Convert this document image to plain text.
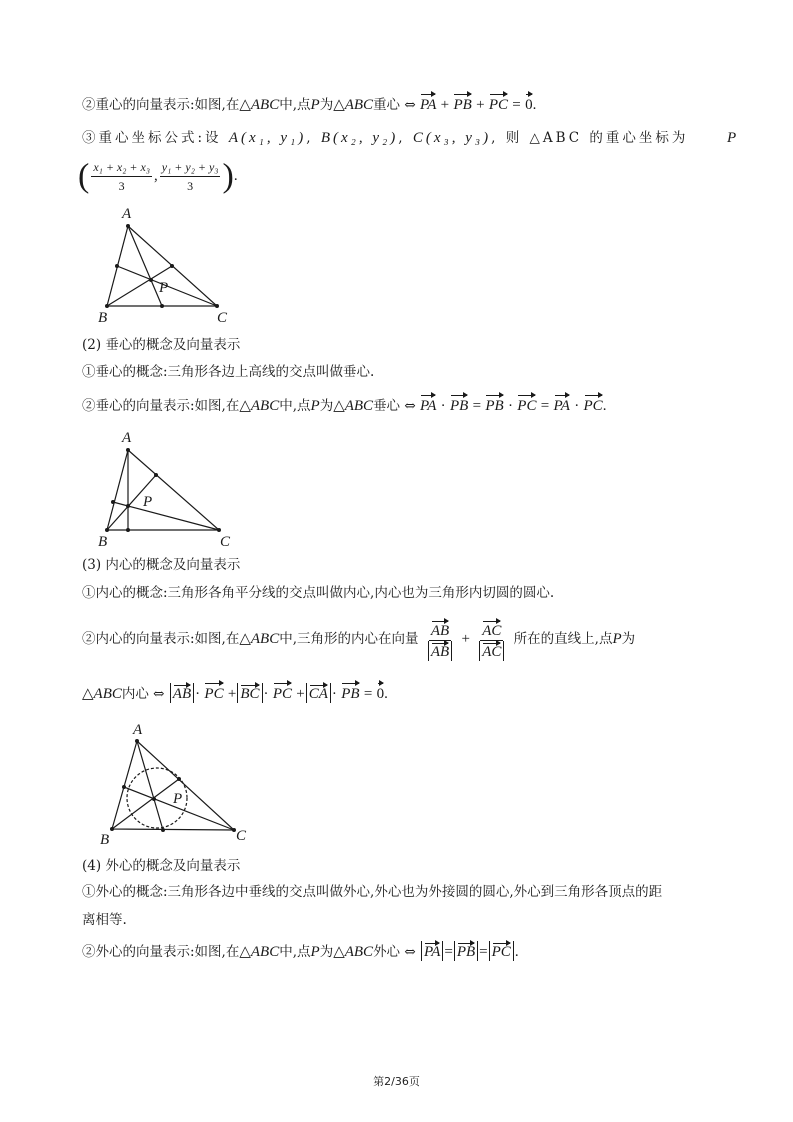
②重心的向量表示:如图,在△ABC中,点P为△ABC重心 ⇔ PA + PB + PC = 0.
③重心坐标公式:设 A(x₁, y₁), B(x₂, y₂), C(x₃, y₃), 则 △ABC 的重心坐标为	P
( $\frac{\text{x₁ + x₂ + x₃}}{3}$ , $\frac{\text{y₁ + y₂ + y₃}}{3}$ ).
A
B	C
P
(2) 垂心的概念及向量表示
①垂心的概念:三角形各边上高线的交点叫做垂心.
②垂心的向量表示:如图,在△ABC中,点P为△ABC垂心 ⇔ PA · PB = PB · PC = PA · PC.
A
B	C
P
(3) 内心的概念及向量表示
①内心的概念:三角形各角平分线的交点叫做内心,内心也为三角形内切圆的圆心.
②内心的向量表示:如图,在△ABC中,三角形的内心在向量 $\frac{AB}{AB} + \frac{AC}{AC}$ 所在的直线上,点P为
△ABC内心 ⇔ AB · PC + BC · PC + CA · PB = 0.
A
B	C
P
(4) 外心的概念及向量表示
①外心的概念:三角形各边中垂线的交点叫做外心,外心也为外接圆的圆心,外心到三角形各顶点的距
离相等.
②外心的向量表示:如图,在△ABC中,点P为△ABC外心 ⇔ PA = PB = PC .
第2/36页
